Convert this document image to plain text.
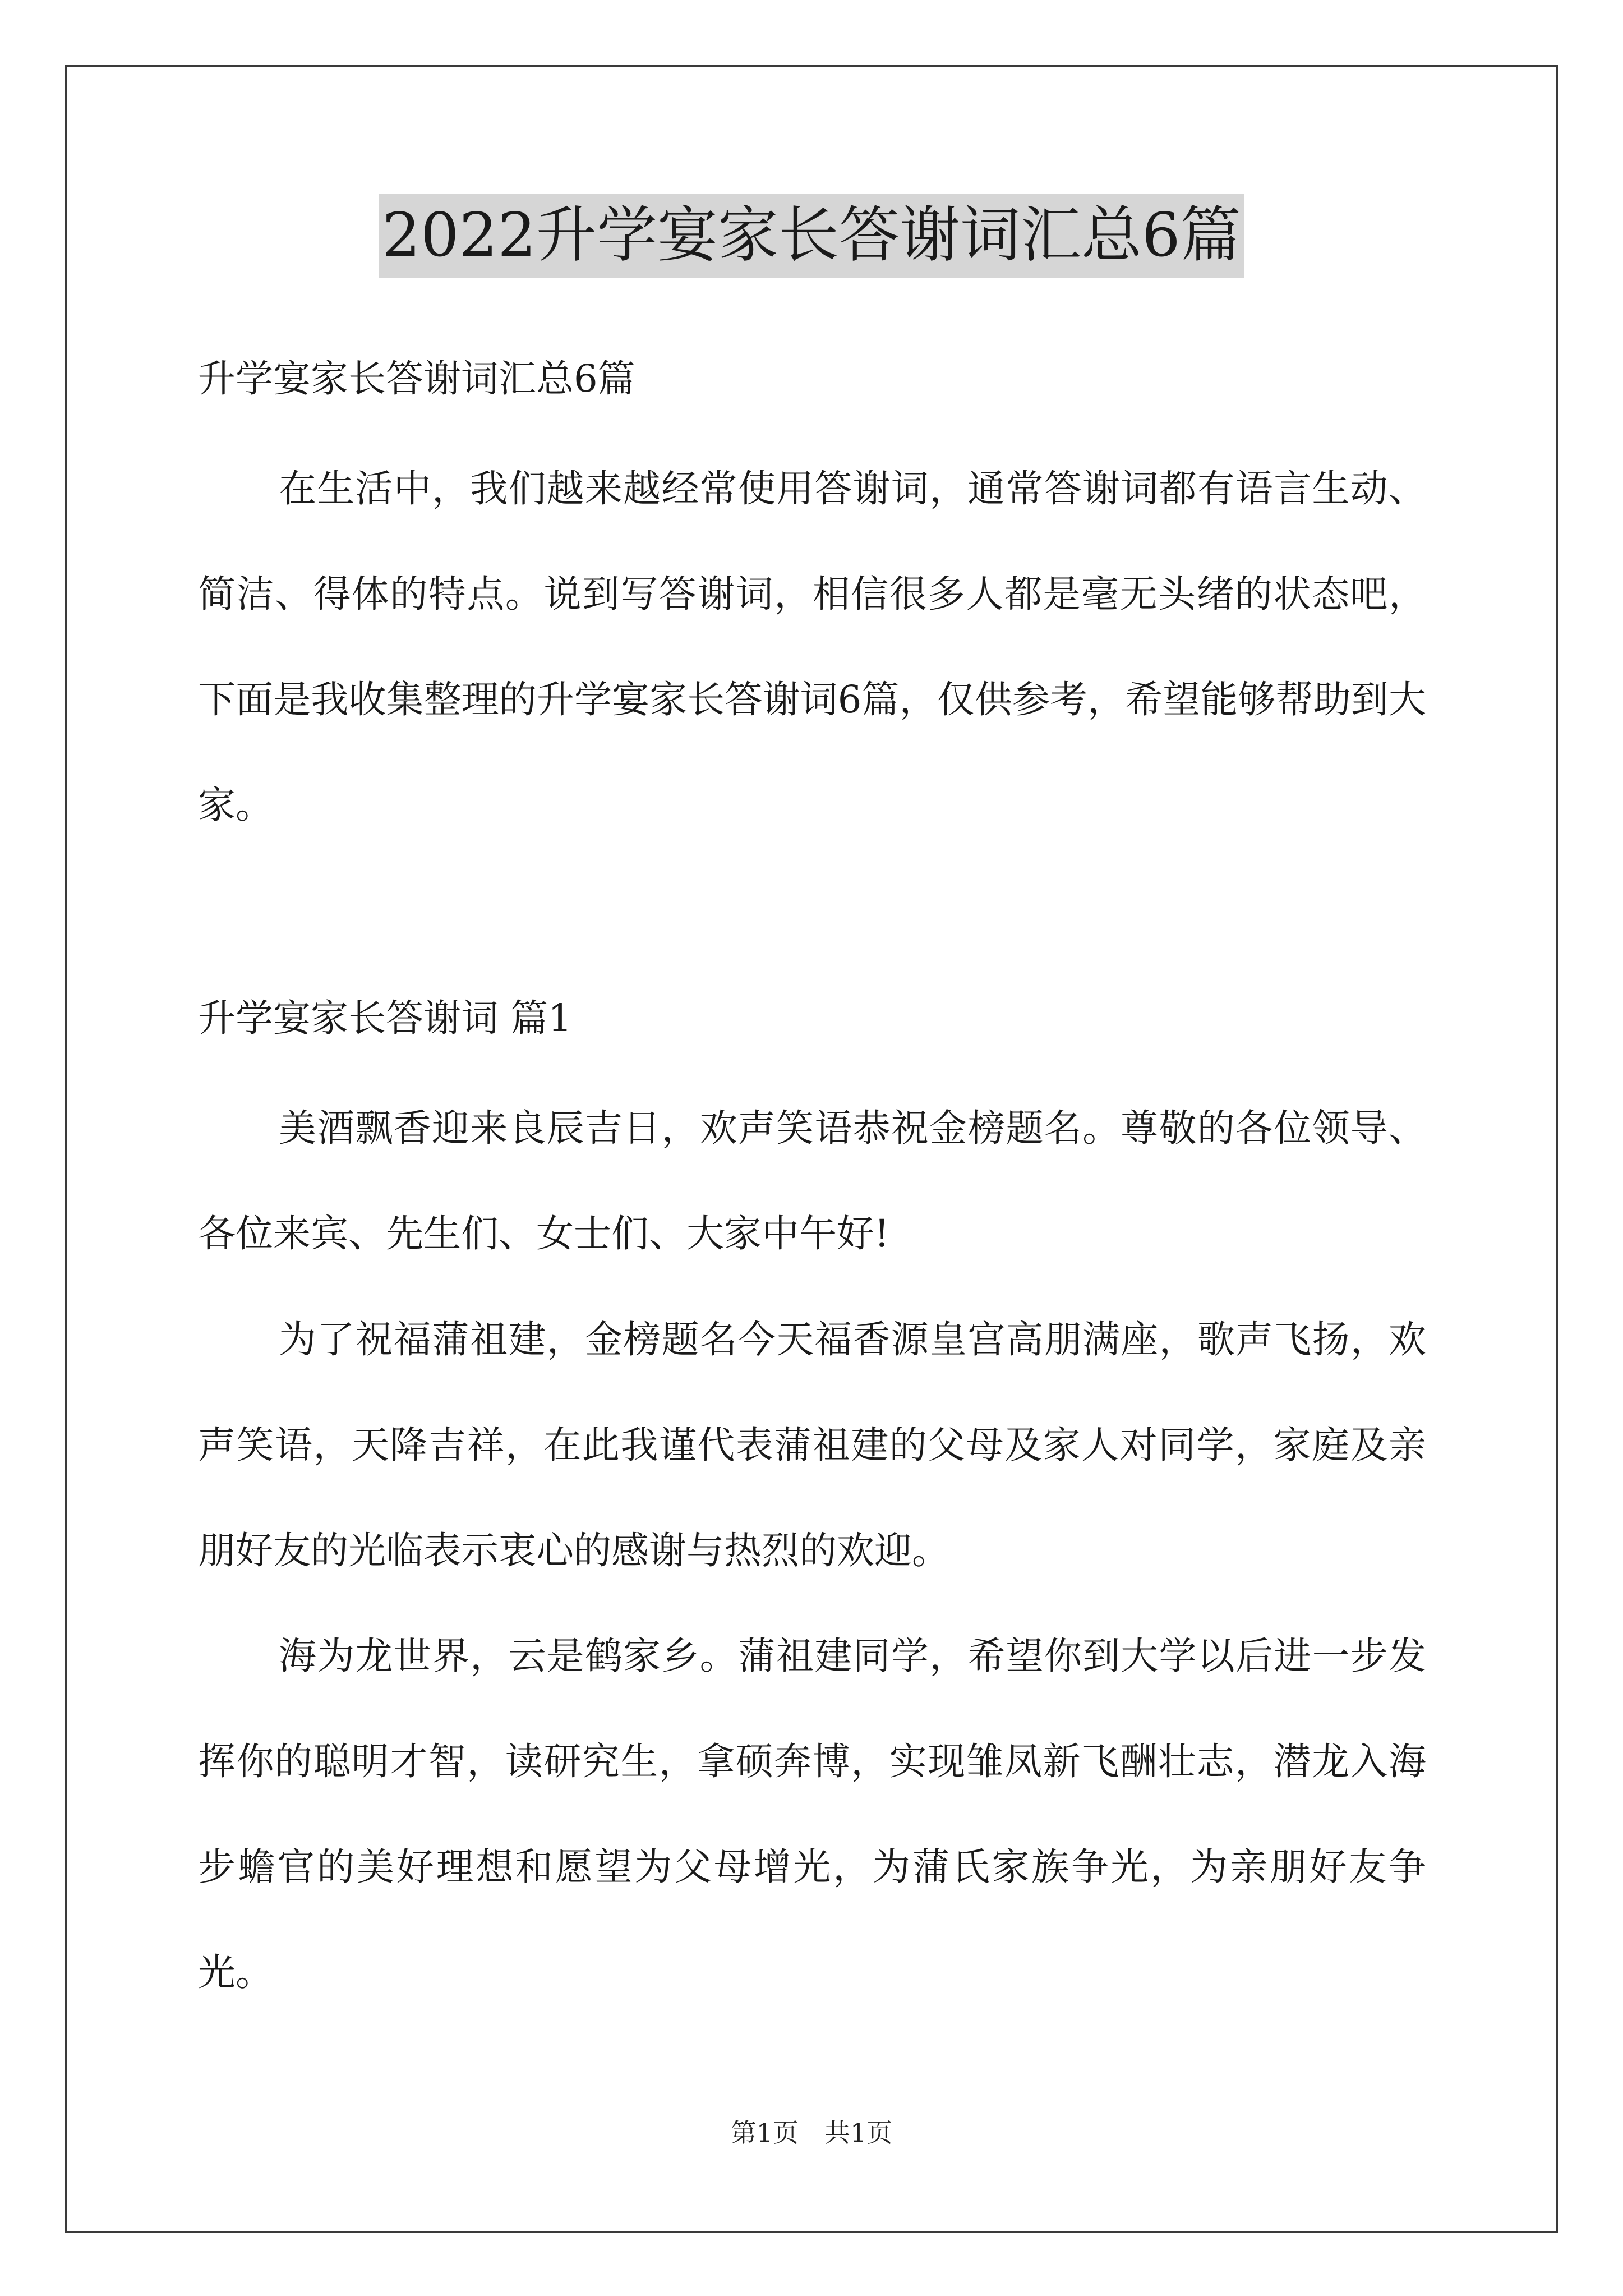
2022升学宴家长答谢词汇总6篇
升学宴家长答谢词汇总6篇
在生活中，我们越来越经常使用答谢词，通常答谢词都有语言生动、简洁、得体的特点。说到写答谢词，相信很多人都是毫无头绪的状态吧，下面是我收集整理的升学宴家长答谢词6篇，仅供参考，希望能够帮助到大家。
升学宴家长答谢词 篇1
美酒飘香迎来良辰吉日，欢声笑语恭祝金榜题名。尊敬的各位领导、各位来宾、先生们、女士们、大家中午好!
为了祝福蒲祖建，金榜题名今天福香源皇宫高朋满座，歌声飞扬，欢声笑语，天降吉祥，在此我谨代表蒲祖建的父母及家人对同学，家庭及亲朋好友的光临表示衷心的感谢与热烈的欢迎。
海为龙世界，云是鹤家乡。蒲祖建同学，希望你到大学以后进一步发挥你的聪明才智，读研究生，拿硕奔博，实现雏凤新飞酬壮志，潜龙入海步蟾官的美好理想和愿望为父母增光，为蒲氏家族争光，为亲朋好友争光。
第1页　共1页
